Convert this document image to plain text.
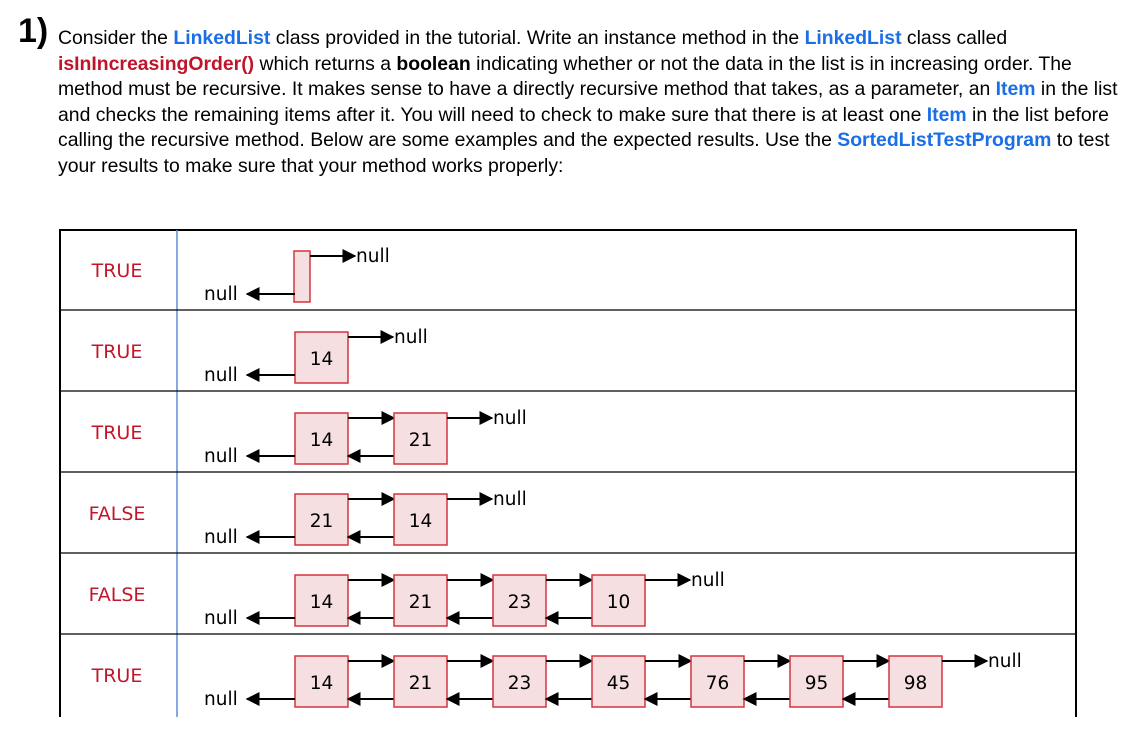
1) Consider the LinkedList class provided in the tutorial. Write an instance method in the LinkedList class called isInIncreasingOrder() which returns a boolean indicating whether or not the data in the list is in increasing order. The method must be recursive. It makes sense to have a directly recursive method that takes, as a parameter, an Item in the list and checks the remaining items after it. You will need to check to make sure that there is at least one Item in the list before calling the recursive method. Below are some examples and the expected results. Use the SortedListTestProgram to test your results to make sure that your method works properly:
TRUE
null
null
TRUE	14
null
null
TRUE	14	21
null
null
FALSE	21	14
null
null
FALSE	14	21	23	10
null
null
TRUE	14	21	23	45	76	95	98
null
null
